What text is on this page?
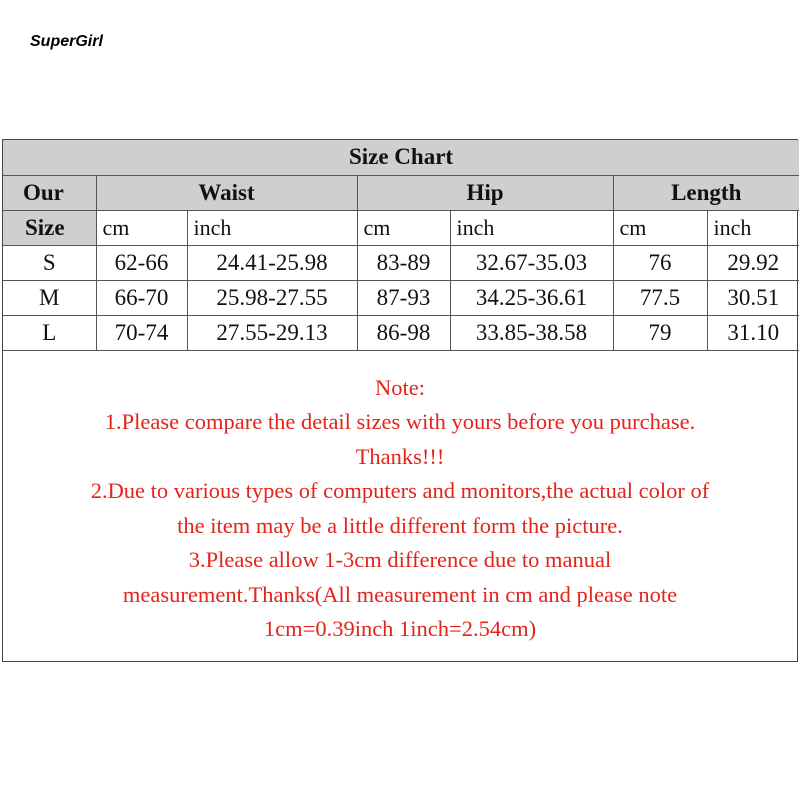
SuperGirl
Size Chart						
Our	Waist		Hip		Length	
Size	cm	inch	cm	inch	cm	inch
S	62-66	24.41-25.98	83-89	32.67-35.03	76	29.92
M	66-70	25.98-27.55	87-93	34.25-36.61	77.5	30.51
L	70-74	27.55-29.13	86-98	33.85-38.58	79	31.10
Note:
1.Please compare the detail sizes with yours before you purchase.
Thanks!!!
2.Due to various types of computers and monitors,the actual color of
the item may be a little different form the picture.
3.Please allow 1-3cm difference due to manual
measurement.Thanks(All measurement in cm and please note
1cm=0.39inch 1inch=2.54cm)
